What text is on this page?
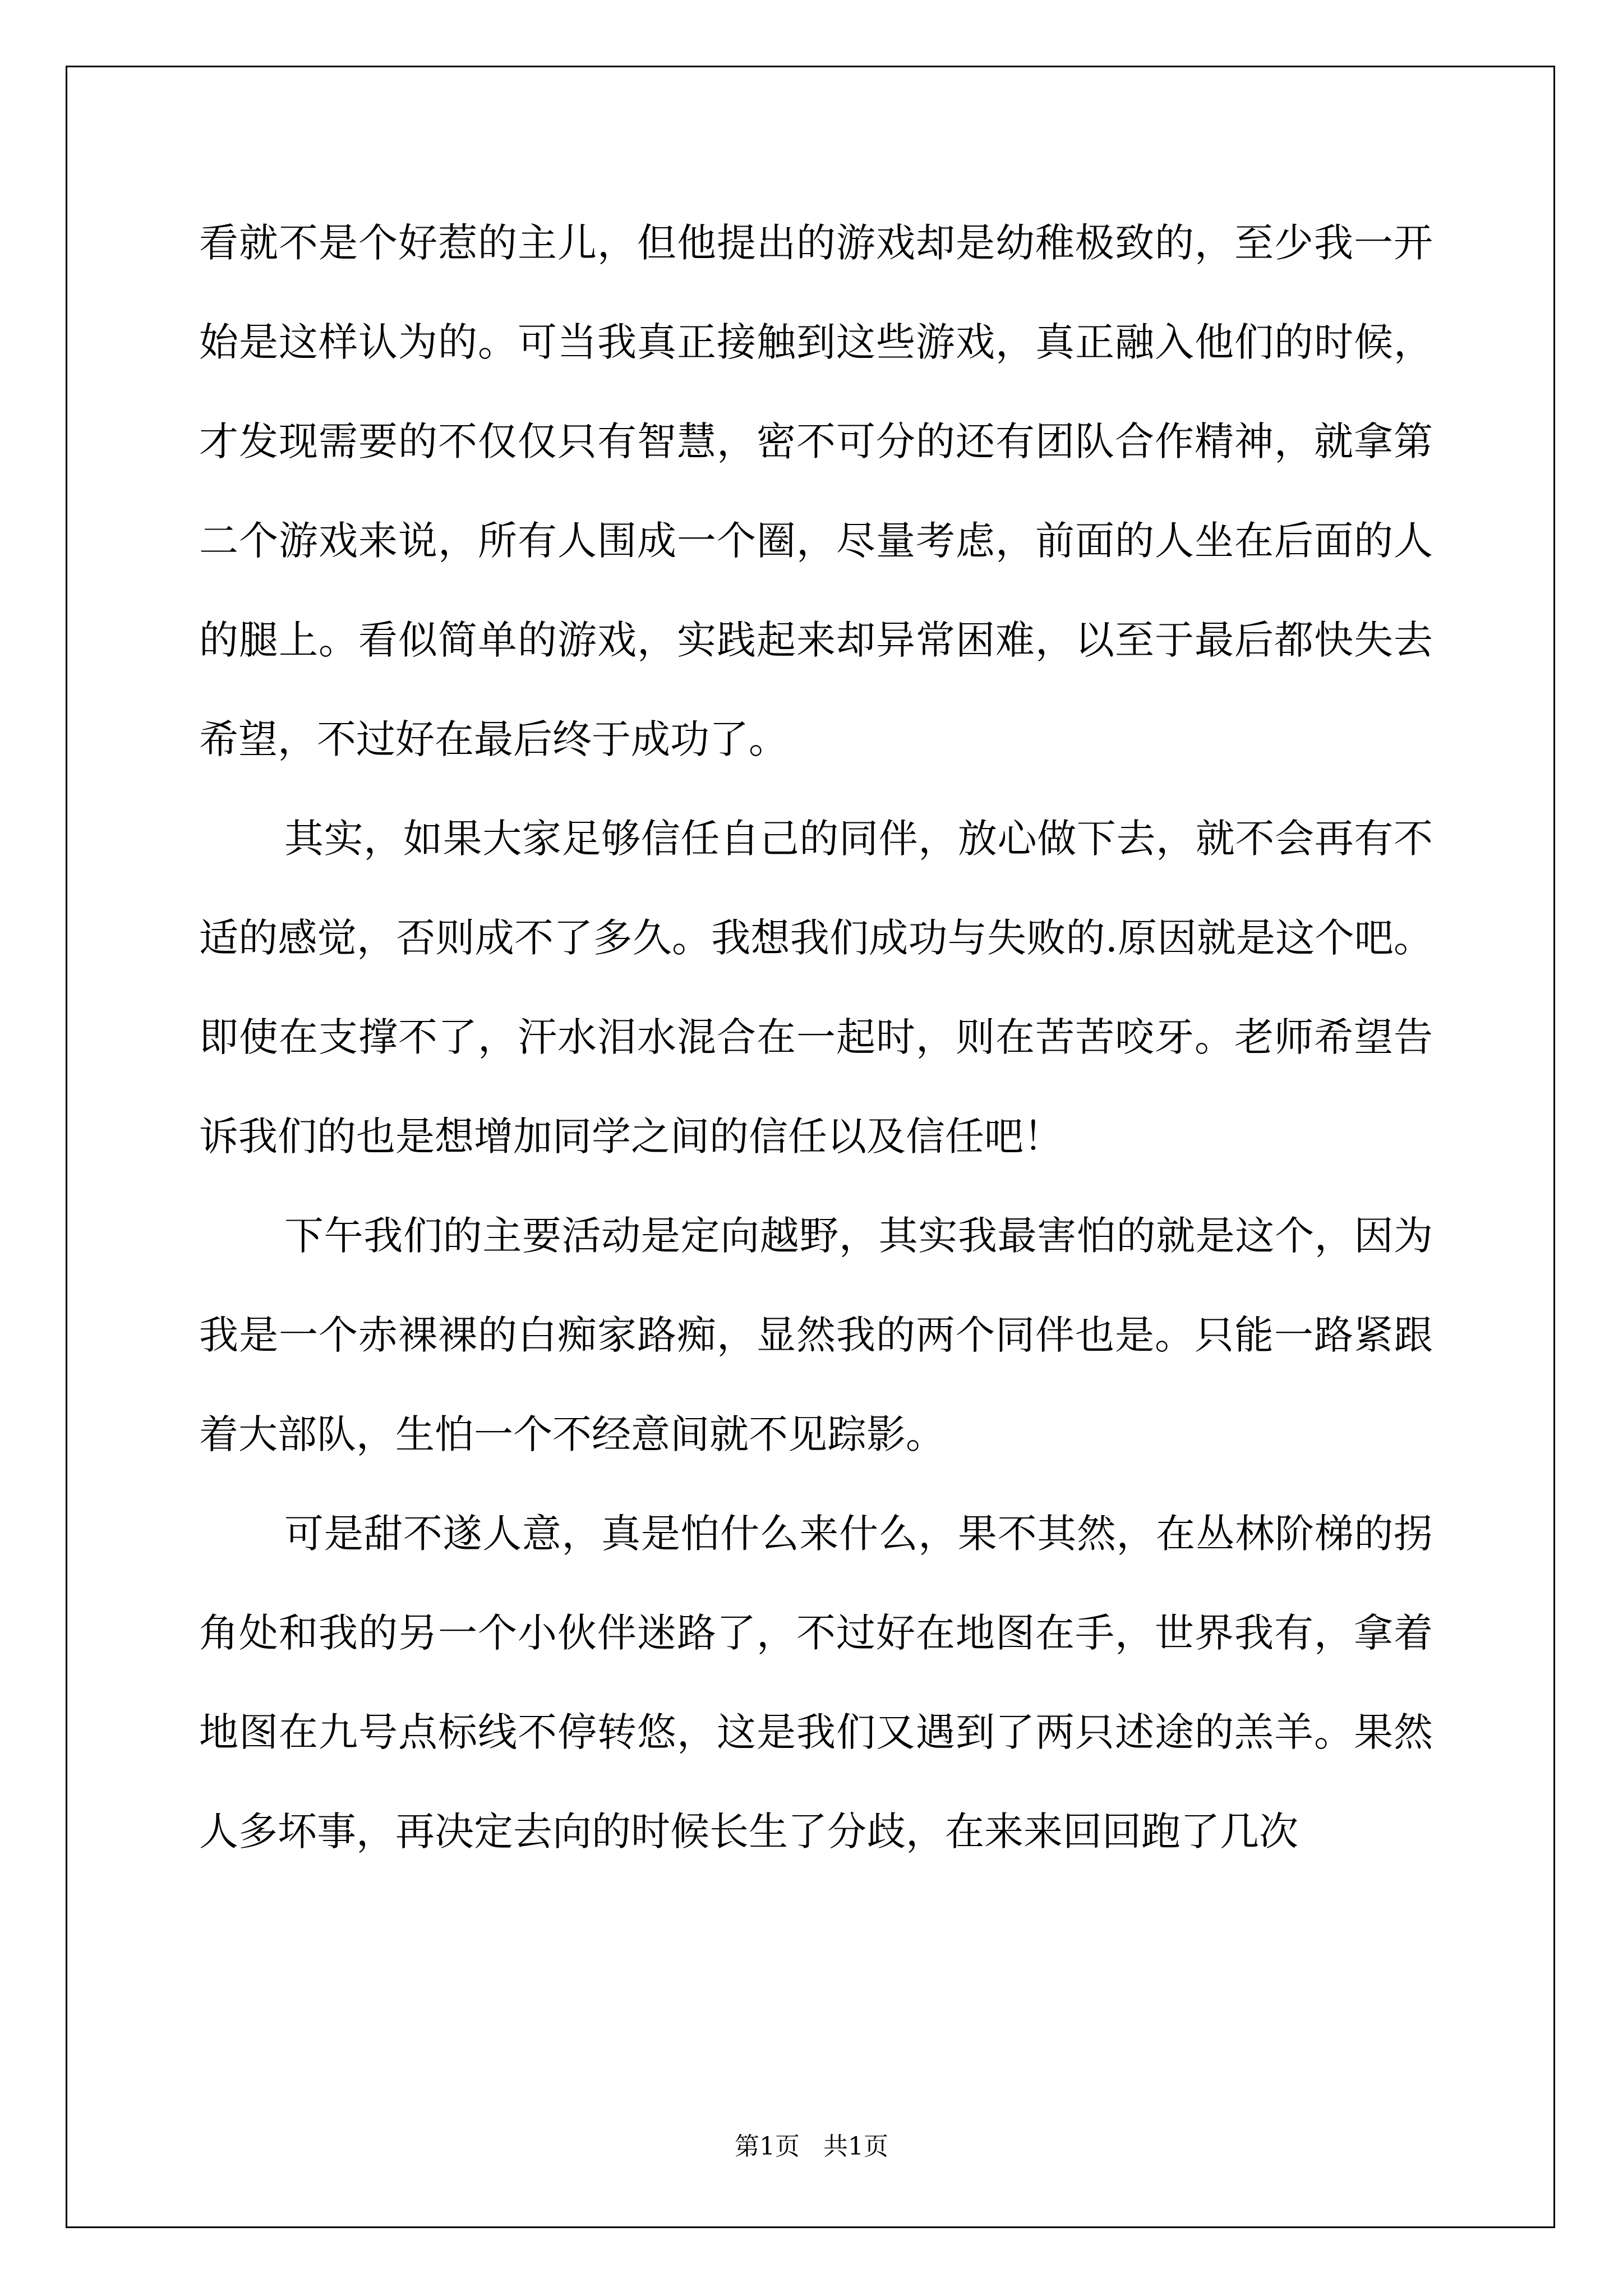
看就不是个好惹的主儿，但他提出的游戏却是幼稚极致的，至少我一开始是这样认为的。可当我真正接触到这些游戏，真正融入他们的时候，才发现需要的不仅仅只有智慧，密不可分的还有团队合作精神，就拿第二个游戏来说，所有人围成一个圈，尽量考虑，前面的人坐在后面的人的腿上。看似简单的游戏，实践起来却异常困难，以至于最后都快失去希望，不过好在最后终于成功了。

其实，如果大家足够信任自己的同伴，放心做下去，就不会再有不适的感觉，否则成不了多久。我想我们成功与失败的.原因就是这个吧。即使在支撑不了，汗水泪水混合在一起时，则在苦苦咬牙。老师希望告诉我们的也是想增加同学之间的信任以及信任吧！

下午我们的主要活动是定向越野，其实我最害怕的就是这个，因为我是一个赤裸裸的白痴家路痴，显然我的两个同伴也是。只能一路紧跟着大部队，生怕一个不经意间就不见踪影。

可是甜不遂人意，真是怕什么来什么，果不其然，在丛林阶梯的拐角处和我的另一个小伙伴迷路了，不过好在地图在手，世界我有，拿着地图在九号点标线不停转悠，这是我们又遇到了两只述途的羔羊。果然人多坏事，再决定去向的时候长生了分歧，在来来回回跑了几次

第1页   共1页
